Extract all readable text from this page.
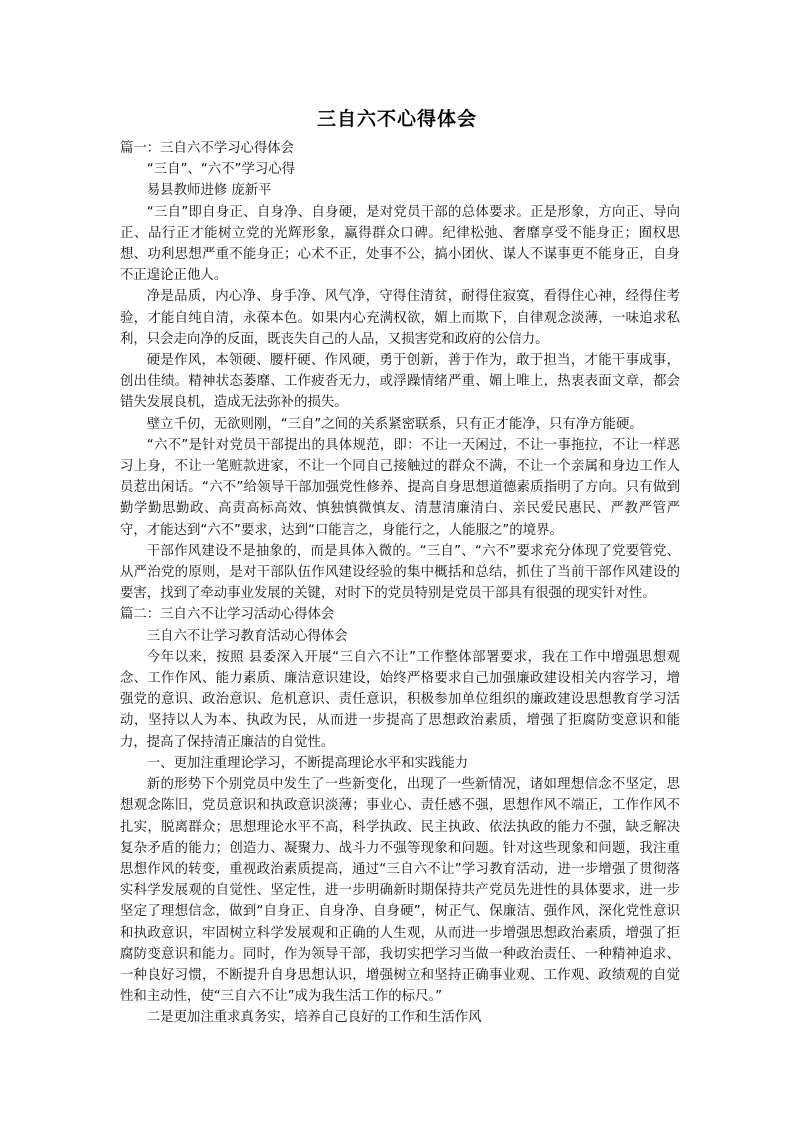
三自六不心得体会

篇一：三自六不学习心得体会

“三自”、“六不”学习心得

易县教师进修 庞新平

“三自”即自身正、自身净、自身硬，是对党员干部的总体要求。正是形象，方向正、导向正、品行正才能树立党的光辉形象，赢得群众口碑。纪律松弛、奢靡享受不能身正；囿权思想、功利思想严重不能身正；心术不正，处事不公，搞小团伙、谋人不谋事更不能身正，自身不正遑论正他人。

净是品质，内心净、身手净、风气净，守得住清贫，耐得住寂寞，看得住心神，经得住考验，才能自纯自清，永葆本色。如果内心充满权欲，媚上而欺下，自律观念淡薄，一味追求私利，只会走向净的反面，既丧失自己的人品，又损害党和政府的公信力。

硬是作风，本领硬、腰杆硬、作风硬，勇于创新，善于作为，敢于担当，才能干事成事，创出佳绩。精神状态萎靡、工作疲沓无力，或浮躁情绪严重、媚上唯上，热衷表面文章，都会错失发展良机，造成无法弥补的损失。

壁立千仞，无欲则刚，“三自”之间的关系紧密联系，只有正才能净，只有净方能硬。

“六不”是针对党员干部提出的具体规范，即：不让一天闲过，不让一事拖拉，不让一样恶习上身，不让一笔赃款进家，不让一个同自己接触过的群众不满，不让一个亲属和身边工作人员惹出闲话。“六不”给领导干部加强党性修养、提高自身思想道德素质指明了方向。只有做到勤学勤思勤政、高责高标高效、慎独慎微慎友、清慧清廉清白、亲民爱民惠民、严教严管严守，才能达到“六不”要求，达到“口能言之，身能行之，人能服之”的境界。

干部作风建设不是抽象的，而是具体入微的。“三自”、“六不”要求充分体现了党要管党、从严治党的原则，是对干部队伍作风建设经验的集中概括和总结，抓住了当前干部作风建设的要害，找到了牵动事业发展的关键，对时下的党员特别是党员干部具有很强的现实针对性。

篇二：三自六不让学习活动心得体会

三自六不让学习教育活动心得体会

今年以来，按照 县委深入开展“三自六不让”工作整体部署要求，我在工作中增强思想观念、工作作风、能力素质、廉洁意识建设，始终严格要求自己加强廉政建设相关内容学习，增强党的意识、政治意识、危机意识、责任意识，积极参加单位组织的廉政建设思想教育学习活动，坚持以人为本、执政为民，从而进一步提高了思想政治素质，增强了拒腐防变意识和能力，提高了保持清正廉洁的自觉性。

一、更加注重理论学习，不断提高理论水平和实践能力

新的形势下个别党员中发生了一些新变化，出现了一些新情况，诸如理想信念不坚定，思想观念陈旧，党员意识和执政意识淡薄；事业心、责任感不强，思想作风不端正，工作作风不扎实，脱离群众；思想理论水平不高，科学执政、民主执政、依法执政的能力不强，缺乏解决复杂矛盾的能力；创造力、凝聚力、战斗力不强等现象和问题。针对这些现象和问题，我注重思想作风的转变，重视政治素质提高，通过“三自六不让”学习教育活动，进一步增强了贯彻落实科学发展观的自觉性、坚定性，进一步明确新时期保持共产党员先进性的具体要求，进一步坚定了理想信念，做到“自身正、自身净、自身硬”，树正气、保廉洁、强作风，深化党性意识和执政意识，牢固树立科学发展观和正确的人生观，从而进一步增强思想政治素质，增强了拒腐防变意识和能力。同时，作为领导干部，我切实把学习当做一种政治责任、一种精神追求、一种良好习惯，不断提升自身思想认识，增强树立和坚持正确事业观、工作观、政绩观的自觉性和主动性，使“三自六不让”成为我生活工作的标尺。”

二是更加注重求真务实，培养自己良好的工作和生活作风
